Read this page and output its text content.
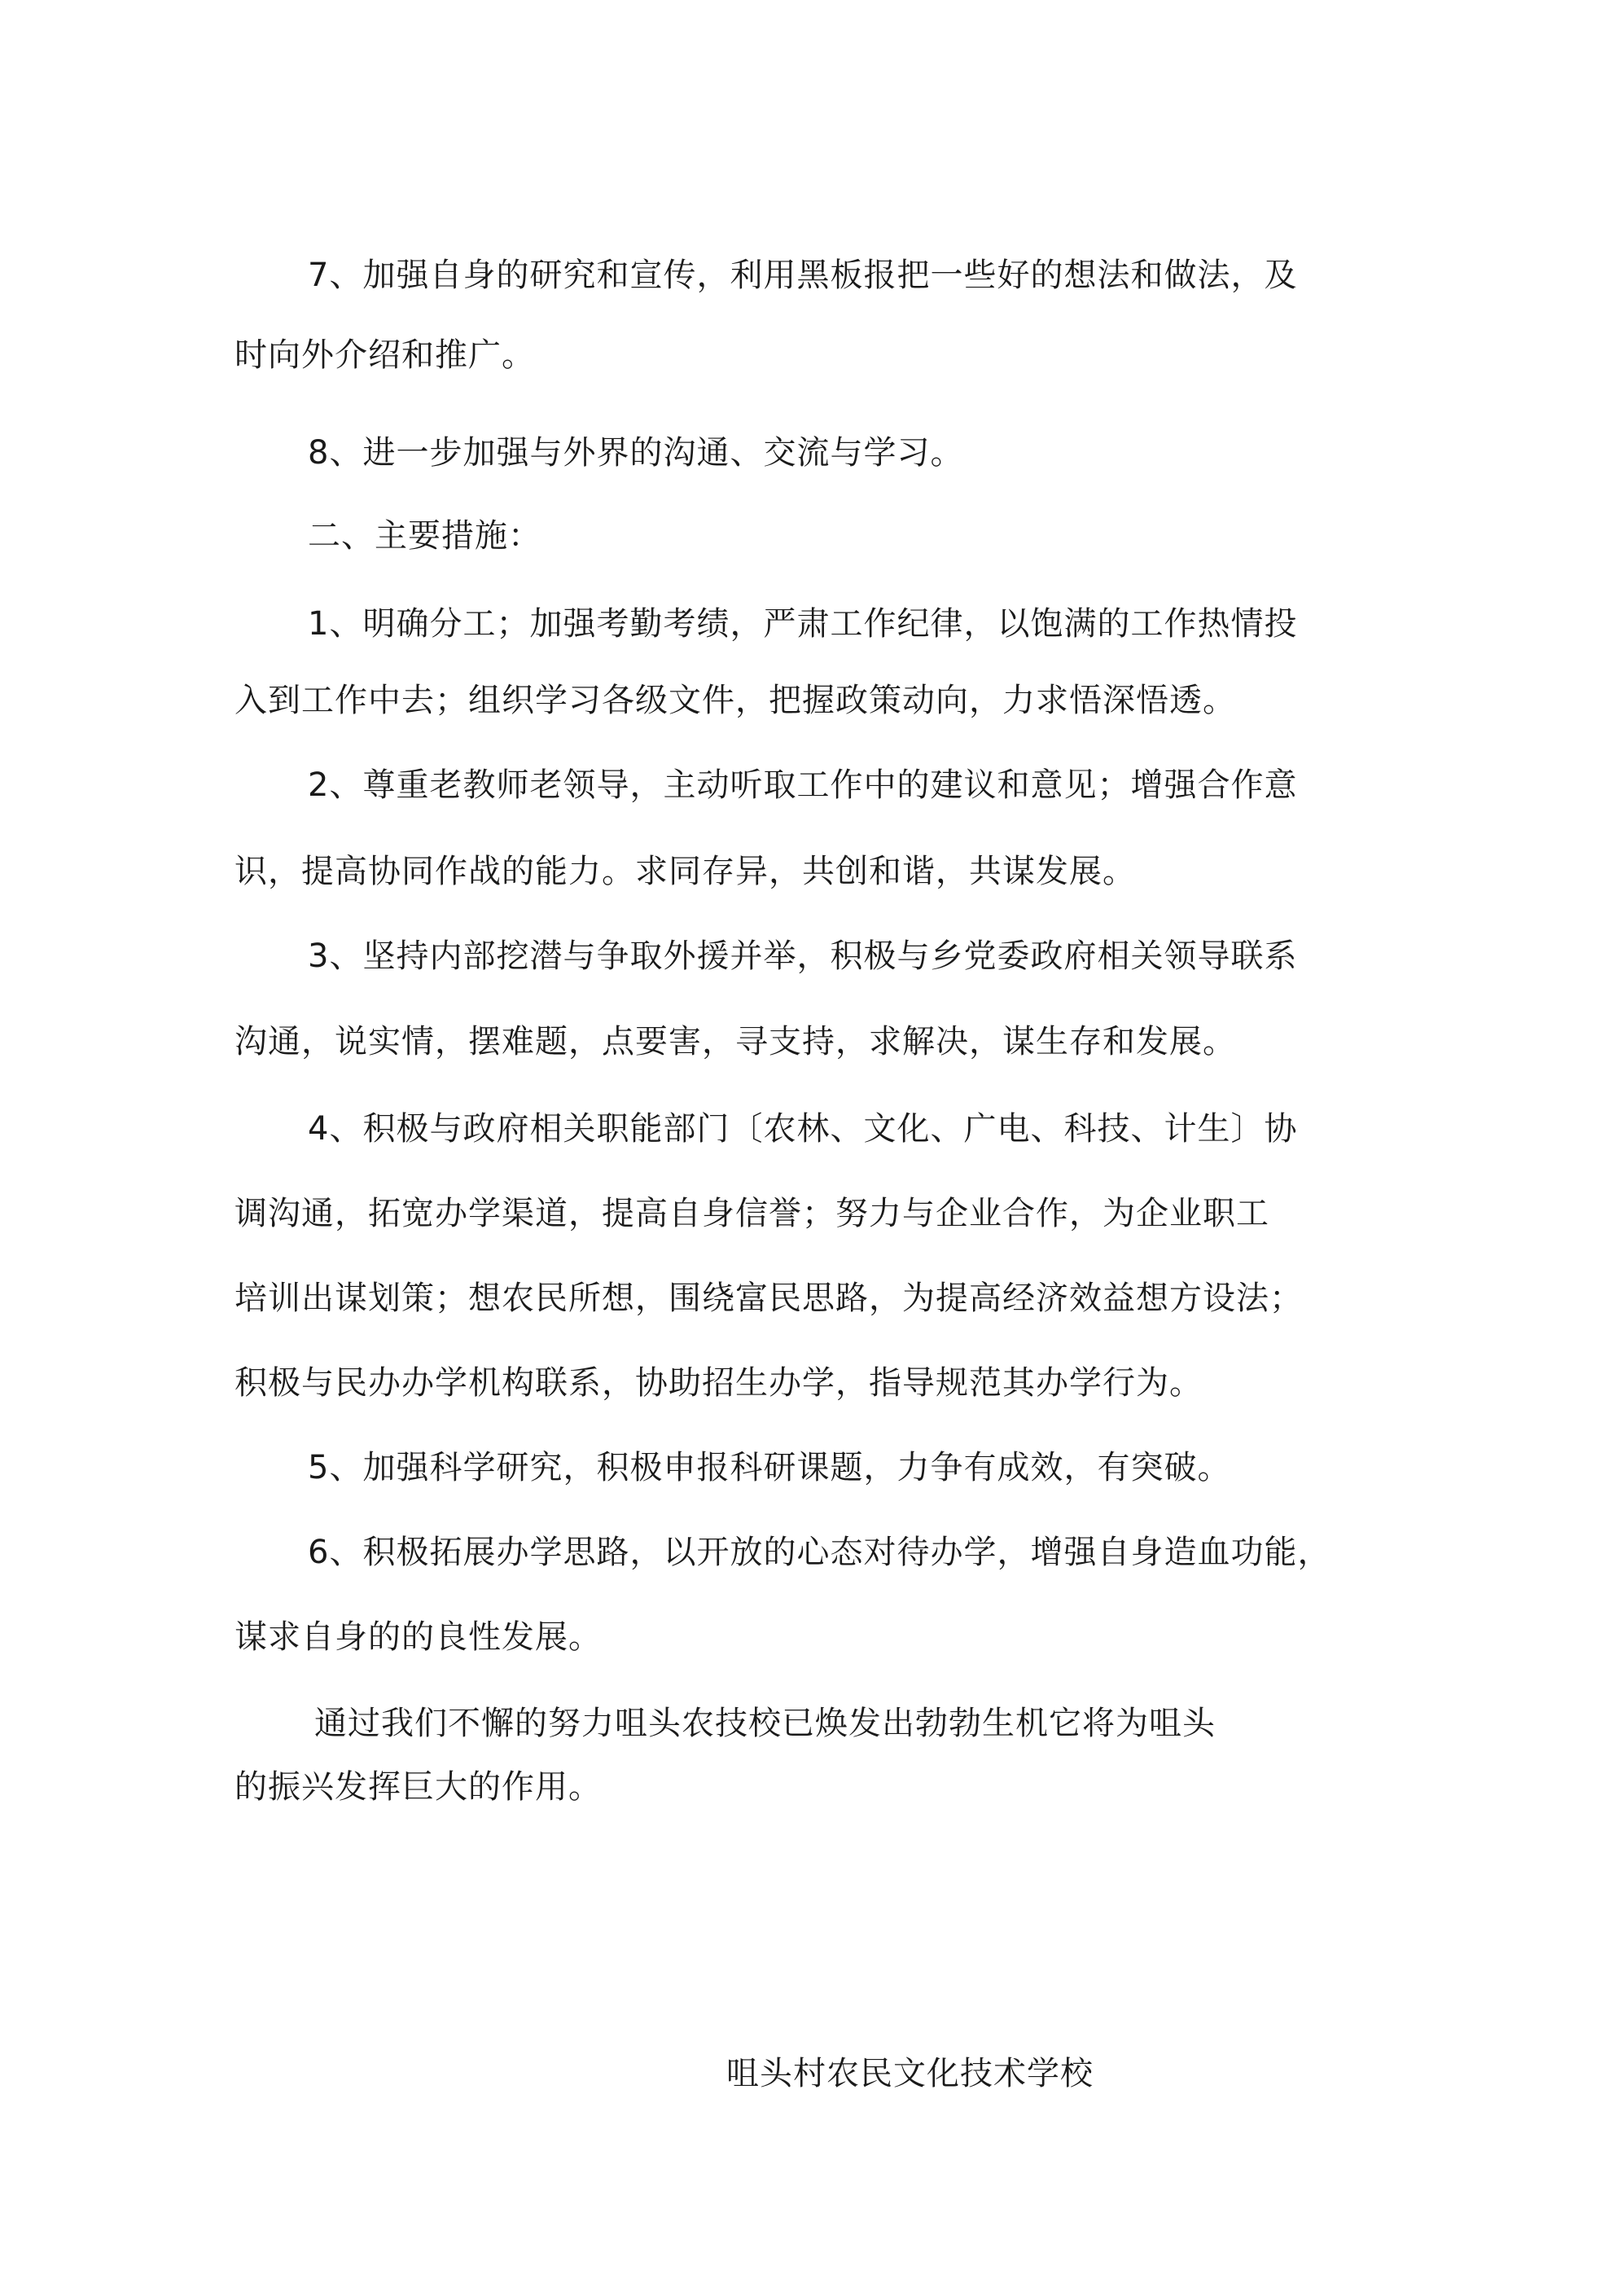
7、加强自身的研究和宣传，利用黑板报把一些好的想法和做法，及
时向外介绍和推广。
8、进一步加强与外界的沟通、交流与学习。
二、主要措施：
1、明确分工；加强考勤考绩，严肃工作纪律，以饱满的工作热情投
入到工作中去；组织学习各级文件，把握政策动向，力求悟深悟透。
2、尊重老教师老领导，主动听取工作中的建议和意见；增强合作意
识，提高协同作战的能力。求同存异，共创和谐，共谋发展。
3、坚持内部挖潜与争取外援并举，积极与乡党委政府相关领导联系
沟通，说实情，摆难题，点要害，寻支持，求解决，谋生存和发展。
4、积极与政府相关职能部门〔农林、文化、广电、科技、计生〕协
调沟通，拓宽办学渠道，提高自身信誉；努力与企业合作，为企业职工
培训出谋划策；想农民所想，围绕富民思路，为提高经济效益想方设法；
积极与民办办学机构联系，协助招生办学，指导规范其办学行为。
5、加强科学研究，积极申报科研课题，力争有成效，有突破。
6、积极拓展办学思路，以开放的心态对待办学，增强自身造血功能，
谋求自身的的良性发展。
通过我们不懈的努力咀头农技校已焕发出勃勃生机它将为咀头
的振兴发挥巨大的作用。
咀头村农民文化技术学校
